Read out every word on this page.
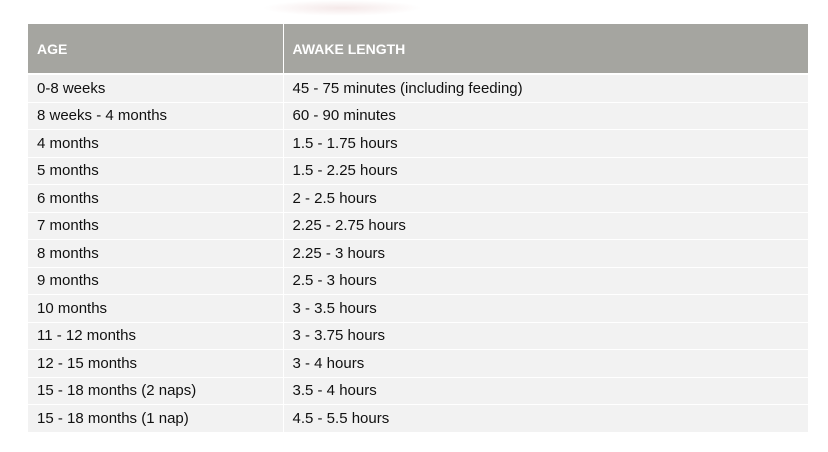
AGE	AWAKE LENGTH
0-8 weeks	45 - 75 minutes (including feeding)
8 weeks - 4 months	60 - 90 minutes
4 months	1.5 - 1.75 hours
5 months	1.5 - 2.25 hours
6 months	2 - 2.5 hours
7 months	2.25 - 2.75 hours
8 months	2.25 - 3 hours
9 months	2.5 - 3 hours
10 months	3 - 3.5 hours
11 - 12 months	3 - 3.75 hours
12 - 15 months	3 - 4 hours
15 - 18 months (2 naps)	3.5 - 4 hours
15 - 18 months (1 nap)	4.5 - 5.5 hours
